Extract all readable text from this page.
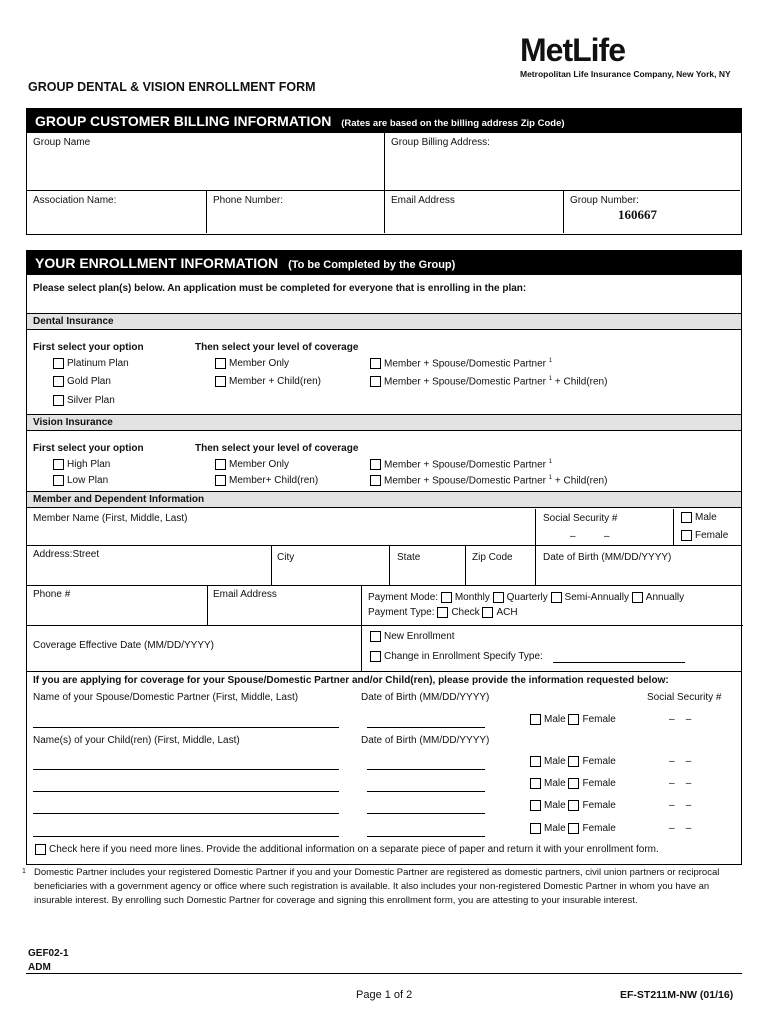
MetLife
Metropolitan Life Insurance Company, New York, NY
GROUP DENTAL & VISION ENROLLMENT FORM
GROUP CUSTOMER BILLING INFORMATION (Rates are based on the billing address Zip Code)
Group Name	Group Billing Address:
Association Name:	Phone Number:	Email Address	Group Number:
160667
YOUR ENROLLMENT INFORMATION (To be Completed by the Group)
Please select plan(s) below. An application must be completed for everyone that is enrolling in the plan:
Dental Insurance
First select your option	Then select your level of coverage
Platinum Plan
Gold Plan
Silver Plan
Member Only
Member + Child(ren)
Member + Spouse/Domestic Partner $^1$
Member + Spouse/Domestic Partner $^1$ + Child(ren)
Vision Insurance
First select your option	Then select your level of coverage
High Plan
Low Plan
Member Only
Member+ Child(ren)
Member + Spouse/Domestic Partner $^1$
Member + Spouse/Domestic Partner $^1$ + Child(ren)
Member and Dependent Information
Member Name (First, Middle, Last)	Social Security #
–	–
Male
Female
Address:Street	City	State	Zip Code	Date of Birth (MM/DD/YYYY)
Phone #	Email Address	Payment Mode: Monthly Quarterly Semi-Annually Annually
Payment Type: Check ACH
Coverage Effective Date (MM/DD/YYYY)
New Enrollment
Change in Enrollment Specify Type:
If you are applying for coverage for your Spouse/Domestic Partner and/or Child(ren), please provide the information requested below:
Name of your Spouse/Domestic Partner (First, Middle, Last)	Date of Birth (MM/DD/YYYY)	Social Security #
Male Female	– –
Name(s) of your Child(ren) (First, Middle, Last)	Date of Birth (MM/DD/YYYY)
Male Female	– –
Male Female	– –
Male Female	– –
Male Female	– –
Check here if you need more lines. Provide the additional information on a separate piece of paper and return it with your enrollment form.
1 Domestic Partner includes your registered Domestic Partner if you and your Domestic Partner are registered as domestic partners, civil union partners or reciprocal beneficiaries with a government agency or office where such registration is available. It also includes your non-registered Domestic Partner in whom you have an insurable interest. By enrolling such Domestic Partner for coverage and signing this enrollment form, you are attesting to your insurable interest.
GEF02-1
ADM
Page 1 of 2	EF-ST211M-NW (01/16)
